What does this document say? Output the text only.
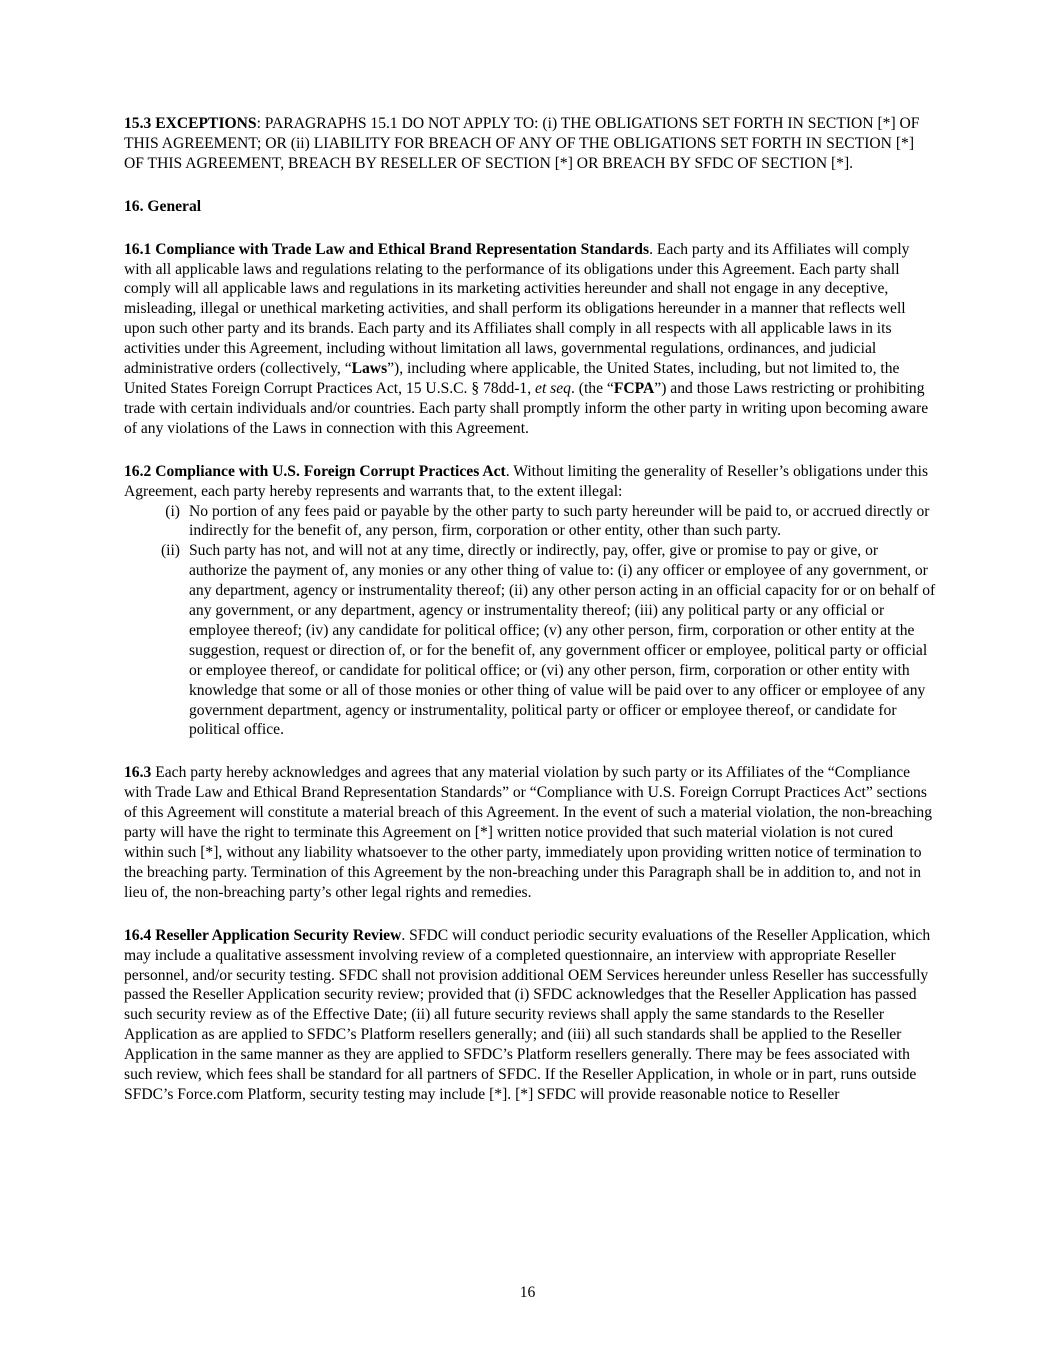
15.3 EXCEPTIONS: PARAGRAPHS 15.1 DO NOT APPLY TO: (i) THE OBLIGATIONS SET FORTH IN SECTION [*] OF THIS AGREEMENT; OR (ii) LIABILITY FOR BREACH OF ANY OF THE OBLIGATIONS SET FORTH IN SECTION [*] OF THIS AGREEMENT, BREACH BY RESELLER OF SECTION [*] OR BREACH BY SFDC OF SECTION [*].

16. General

16.1 Compliance with Trade Law and Ethical Brand Representation Standards. Each party and its Affiliates will comply with all applicable laws and regulations relating to the performance of its obligations under this Agreement. Each party shall comply will all applicable laws and regulations in its marketing activities hereunder and shall not engage in any deceptive, misleading, illegal or unethical marketing activities, and shall perform its obligations hereunder in a manner that reflects well upon such other party and its brands. Each party and its Affiliates shall comply in all respects with all applicable laws in its activities under this Agreement, including without limitation all laws, governmental regulations, ordinances, and judicial administrative orders (collectively, “Laws”), including where applicable, the United States, including, but not limited to, the United States Foreign Corrupt Practices Act, 15 U.S.C. § 78dd-1, et seq. (the “FCPA”) and those Laws restricting or prohibiting trade with certain individuals and/or countries. Each party shall promptly inform the other party in writing upon becoming aware of any violations of the Laws in connection with this Agreement.

16.2 Compliance with U.S. Foreign Corrupt Practices Act. Without limiting the generality of Reseller’s obligations under this Agreement, each party hereby represents and warrants that, to the extent illegal:

(i) No portion of any fees paid or payable by the other party to such party hereunder will be paid to, or accrued directly or indirectly for the benefit of, any person, firm, corporation or other entity, other than such party.
(ii) Such party has not, and will not at any time, directly or indirectly, pay, offer, give or promise to pay or give, or authorize the payment of, any monies or any other thing of value to: (i) any officer or employee of any government, or any department, agency or instrumentality thereof; (ii) any other person acting in an official capacity for or on behalf of any government, or any department, agency or instrumentality thereof; (iii) any political party or any official or employee thereof; (iv) any candidate for political office; (v) any other person, firm, corporation or other entity at the suggestion, request or direction of, or for the benefit of, any government officer or employee, political party or official or employee thereof, or candidate for political office; or (vi) any other person, firm, corporation or other entity with knowledge that some or all of those monies or other thing of value will be paid over to any officer or employee of any government department, agency or instrumentality, political party or officer or employee thereof, or candidate for political office.

16.3 Each party hereby acknowledges and agrees that any material violation by such party or its Affiliates of the “Compliance with Trade Law and Ethical Brand Representation Standards” or “Compliance with U.S. Foreign Corrupt Practices Act” sections of this Agreement will constitute a material breach of this Agreement. In the event of such a material violation, the non-breaching party will have the right to terminate this Agreement on [*] written notice provided that such material violation is not cured within such [*], without any liability whatsoever to the other party, immediately upon providing written notice of termination to the breaching party. Termination of this Agreement by the non-breaching under this Paragraph shall be in addition to, and not in lieu of, the non-breaching party’s other legal rights and remedies.

16.4 Reseller Application Security Review. SFDC will conduct periodic security evaluations of the Reseller Application, which may include a qualitative assessment involving review of a completed questionnaire, an interview with appropriate Reseller personnel, and/or security testing. SFDC shall not provision additional OEM Services hereunder unless Reseller has successfully passed the Reseller Application security review; provided that (i) SFDC acknowledges that the Reseller Application has passed such security review as of the Effective Date; (ii) all future security reviews shall apply the same standards to the Reseller Application as are applied to SFDC’s Platform resellers generally; and (iii) all such standards shall be applied to the Reseller Application in the same manner as they are applied to SFDC’s Platform resellers generally. There may be fees associated with such review, which fees shall be standard for all partners of SFDC. If the Reseller Application, in whole or in part, runs outside SFDC’s Force.com Platform, security testing may include [*]. [*] SFDC will provide reasonable notice to Reseller

16
